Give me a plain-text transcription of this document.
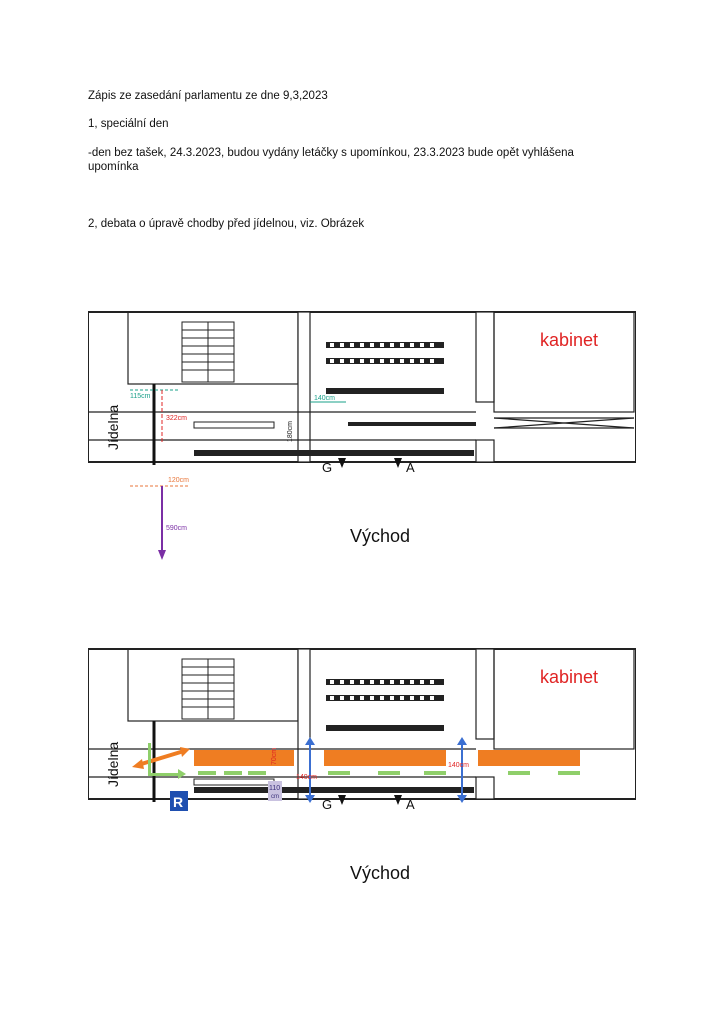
Zápis ze zasedání parlamentu ze dne 9,3,2023
1, speciální den
-den bez tašek, 24.3.2023, budou vydány letáčky s upomínkou, 23.3.2023 bude opět vyhlášena
upomínka
2, debata o úpravě chodby před jídelnou, viz. Obrázek
115cm
322cm
140cm
180cm
120cm
590cm
Jídelna
kabinet
Východ
G	A
70cm
140cm
140cm
110
cm
R
Jídelna
kabinet
Východ
G	A
